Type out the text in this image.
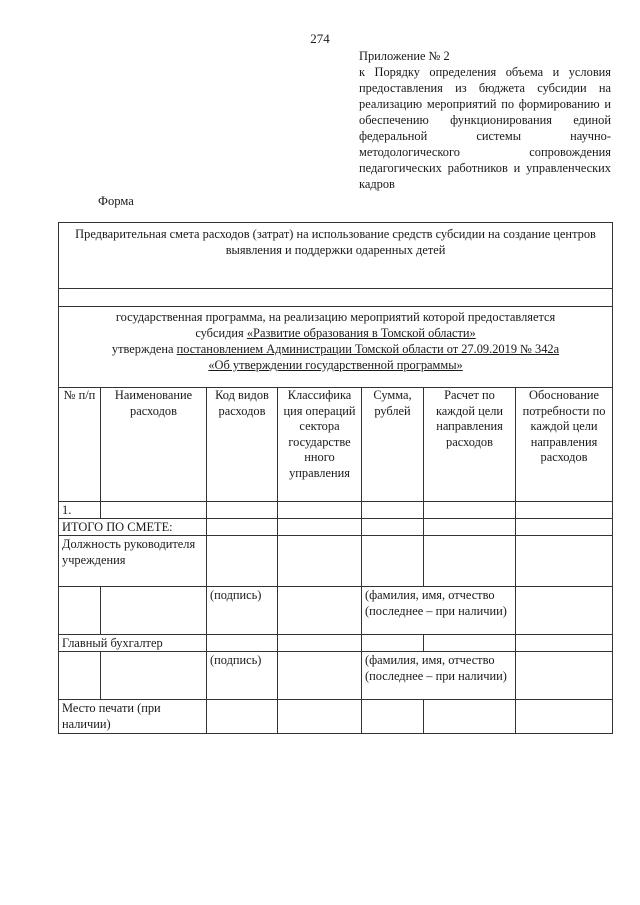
274
Приложение № 2
к Порядку определения объема и условия предоставления из бюджета субсидии на реализацию мероприятий по формированию и обеспечению функционирования единой федеральной системы научно-методологического сопровождения педагогических работников и управленческих кадров
Форма
Предварительная смета расходов (затрат) на использование средств субсидии на создание центров выявления и поддержки одаренных детей						

государственная программа, на реализацию мероприятий которой предоставляется
субсидия «Развитие образования в Томской области»
утверждена постановлением Администрации Томской области от 27.09.2019 № 342а
«Об утверждении государственной программы»						

№ п/п	Наименование расходов	Код видов расходов	Классифика ция операций сектора государстве нного управления	Сумма, рублей	Расчет по каждой цели направления расходов	Обоснование потребности по каждой цели направления расходов
1.						
ИТОГО ПО СМЕТЕ:						
Должность руководителя учреждения						
		(подпись)		(фамилия, имя, отчество (последнее – при наличии)		
Главный бухгалтер						
		(подпись)		(фамилия, имя, отчество (последнее – при наличии)		
Место печати (при наличии)						
